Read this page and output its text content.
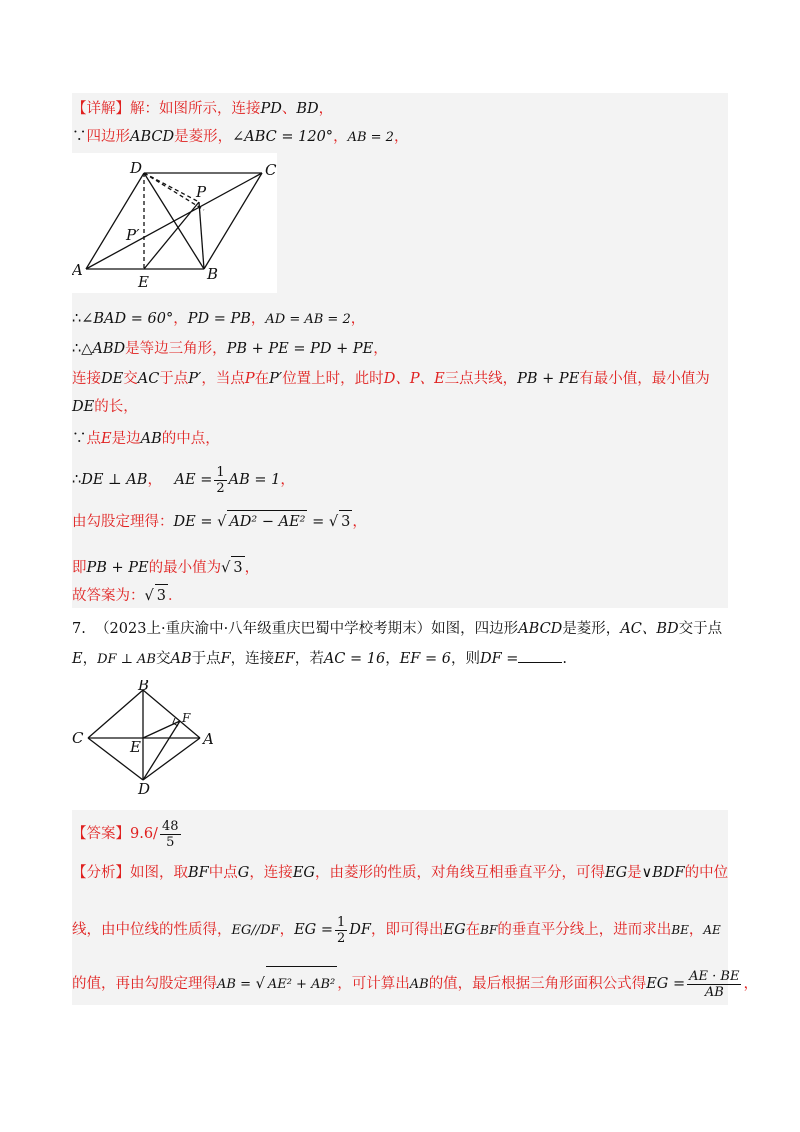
【详解】解：如图所示，连接PD、BD，
∵四边形ABCD是菱形，∠ABC = 120°，AB = 2，
D	C
P
P′
A
E	B
∴∠BAD = 60°，PD = PB，AD = AB = 2，
∴△ABD是等边三角形，PB + PE = PD + PE，
连接DE交AC于点P′，当点P在P′位置上时，此时D、P、E三点共线，PB + PE有最小值，最小值为
DE的长，
∵点E是边AB的中点，
∴DE ⊥ AB， AE = $\frac{1}{2}$ AB = 1，
由勾股定理得：DE = √ AD² − AE² = √ 3 ，
即PB + PE的最小值为√ 3 ，
故答案为：√ 3 ．
7. （2023上·重庆渝中·八年级重庆巴蜀中学校考期末）如图，四边形ABCD是菱形，AC、BD交于点
E，DF ⊥ AB交AB于点F，连接EF，若AC = 16，EF = 6，则DF =	.
B
C	E
F
A
D
【答案】$9.6/ \frac{48}{5}$
【分析】如图，取BF中点G，连接EG，由菱形的性质，对角线互相垂直平分，可得EG是∨BDF的中位
线，由中位线的性质得，EG//DF，EG = $\frac{1}{2}$ DF，即可得出EG在BF的垂直平分线上，进而求出BE，AE
的值，再由勾股定理得AB = √ AE² + AB² ，可计算出AB的值，最后根据三角形面积公式得EG = $\frac{AE \cdot BE}{AB}$ ，
